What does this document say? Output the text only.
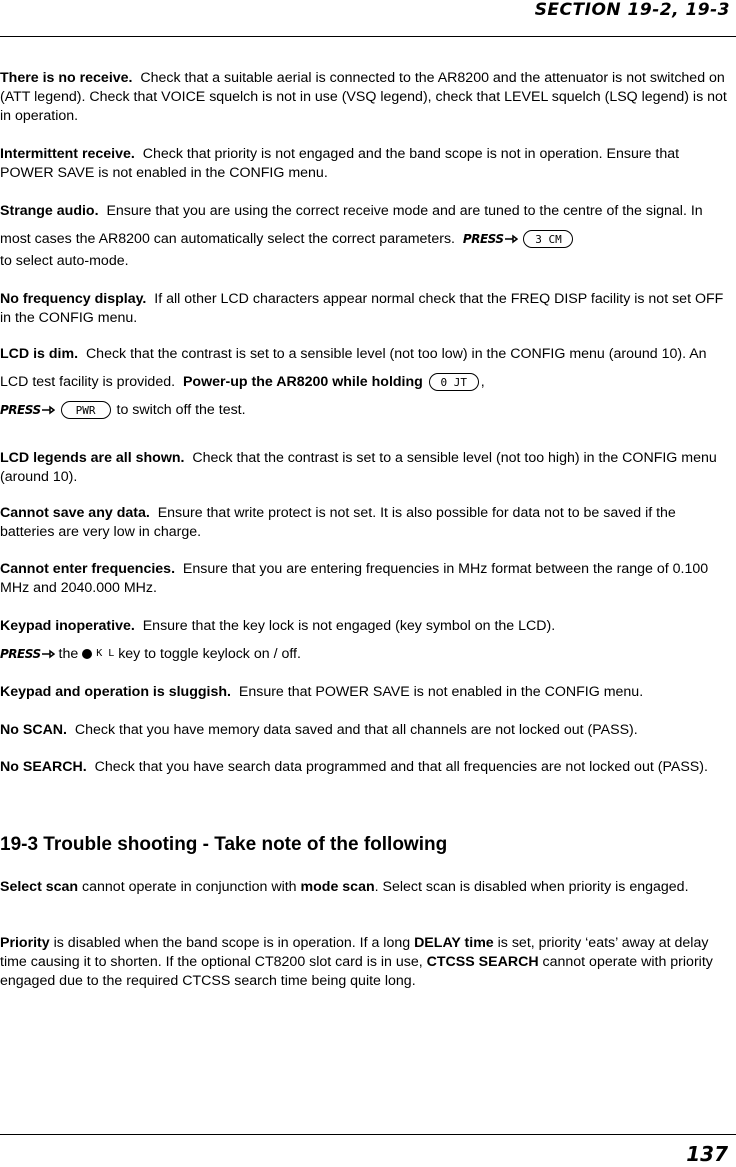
SECTION 19-2, 19-3
There is no receive. Check that a suitable aerial is connected to the AR8200 and the attenuator is not switched on (ATT legend). Check that VOICE squelch is not in use (VSQ legend), check that LEVEL squelch (LSQ legend) is not in operation.
Intermittent receive. Check that priority is not engaged and the band scope is not in operation. Ensure that POWER SAVE is not enabled in the CONFIG menu.
Strange audio. Ensure that you are using the correct receive mode and are tuned to the centre of the signal. In most cases the AR8200 can automatically select the correct parameters. PRESS	3 CM
to select auto-mode.
No frequency display. If all other LCD characters appear normal check that the FREQ DISP facility is not set OFF in the CONFIG menu.
LCD is dim. Check that the contrast is set to a sensible level (not too low) in the CONFIG menu (around 10). An LCD test facility is provided. Power-up the AR8200 while holding 0 JT ,
PRESS	PWR to switch off the test.
LCD legends are all shown. Check that the contrast is set to a sensible level (not too high) in the CONFIG menu (around 10).
Cannot save any data. Ensure that write protect is not set. It is also possible for data not to be saved if the batteries are very low in charge.
Cannot enter frequencies. Ensure that you are entering frequencies in MHz format between the range of 0.100 MHz and 2040.000 MHz.
Keypad inoperative. Ensure that the key lock is not engaged (key symbol on the LCD).
PRESS the K L key to toggle keylock on / off.
Keypad and operation is sluggish. Ensure that POWER SAVE is not enabled in the CONFIG menu.
No SCAN. Check that you have memory data saved and that all channels are not locked out (PASS).
No SEARCH. Check that you have search data programmed and that all frequencies are not locked out (PASS).
19-3 Trouble shooting - Take note of the following
Select scan cannot operate in conjunction with mode scan. Select scan is disabled when priority is engaged.
Priority is disabled when the band scope is in operation. If a long DELAY time is set, priority ‘eats’ away at delay time causing it to shorten. If the optional CT8200 slot card is in use, CTCSS SEARCH cannot operate with priority engaged due to the required CTCSS search time being quite long.
137
